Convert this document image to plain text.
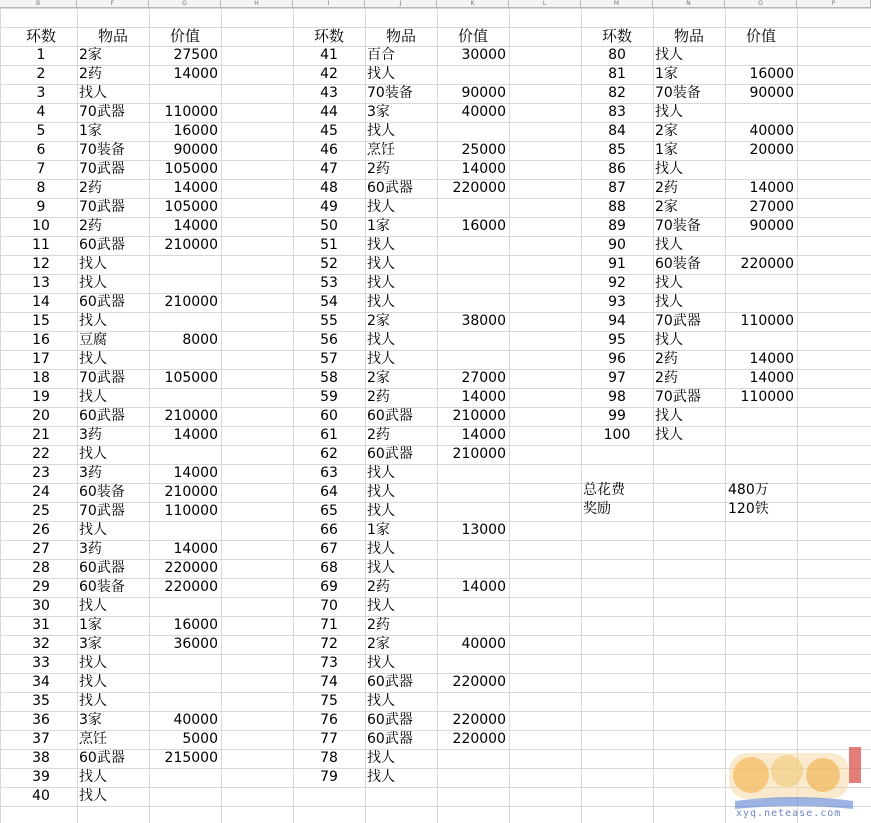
B	F	G	H	I	J	K	L	M	N	O	P
环数	物品	价值
1	2家	27500
2	2药	14000
3	找人
4	70武器	110000
5	1家	16000
6	70装备	90000
7	70武器	105000
8	2药	14000
9	70武器	105000
10	2药	14000
11	60武器	210000
12	找人
13	找人
14	60武器	210000
15	找人
16	豆腐	8000
17	找人
18	70武器	105000
19	找人
20	60武器	210000
21	3药	14000
22	找人
23	3药	14000
24	60装备	210000
25	70武器	110000
26	找人
27	3药	14000
28	60武器	220000
29	60装备	220000
30	找人
31	1家	16000
32	3家	36000
33	找人
34	找人
35	找人
36	3家	40000
37	烹饪	5000
38	60武器	215000
39	找人
40	找人
环数	物品	价值
41	百合	30000
42	找人
43	70装备	90000
44	3家	40000
45	找人
46	烹饪	25000
47	2药	14000
48	60武器	220000
49	找人
50	1家	16000
51	找人
52	找人
53	找人
54	找人
55	2家	38000
56	找人
57	找人
58	2家	27000
59	2药	14000
60	60武器	210000
61	2药	14000
62	60武器	210000
63	找人
64	找人
65	找人
66	1家	13000
67	找人
68	找人
69	2药	14000
70	找人
71	2药
72	2家	40000
73	找人
74	60武器	220000
75	找人
76	60武器	220000
77	60武器	220000
78	找人
79	找人
环数	物品	价值
80	找人
81	1家	16000
82	70装备	90000
83	找人
84	2家	40000
85	1家	20000
86	找人
87	2药	14000
88	2家	27000
89	70装备	90000
90	找人
91	60装备	220000
92	找人
93	找人
94	70武器	110000
95	找人
96	2药	14000
97	2药	14000
98	70武器	110000
99	找人
100	找人
总花费	480万
奖励	120铁
xyq.netease.com
